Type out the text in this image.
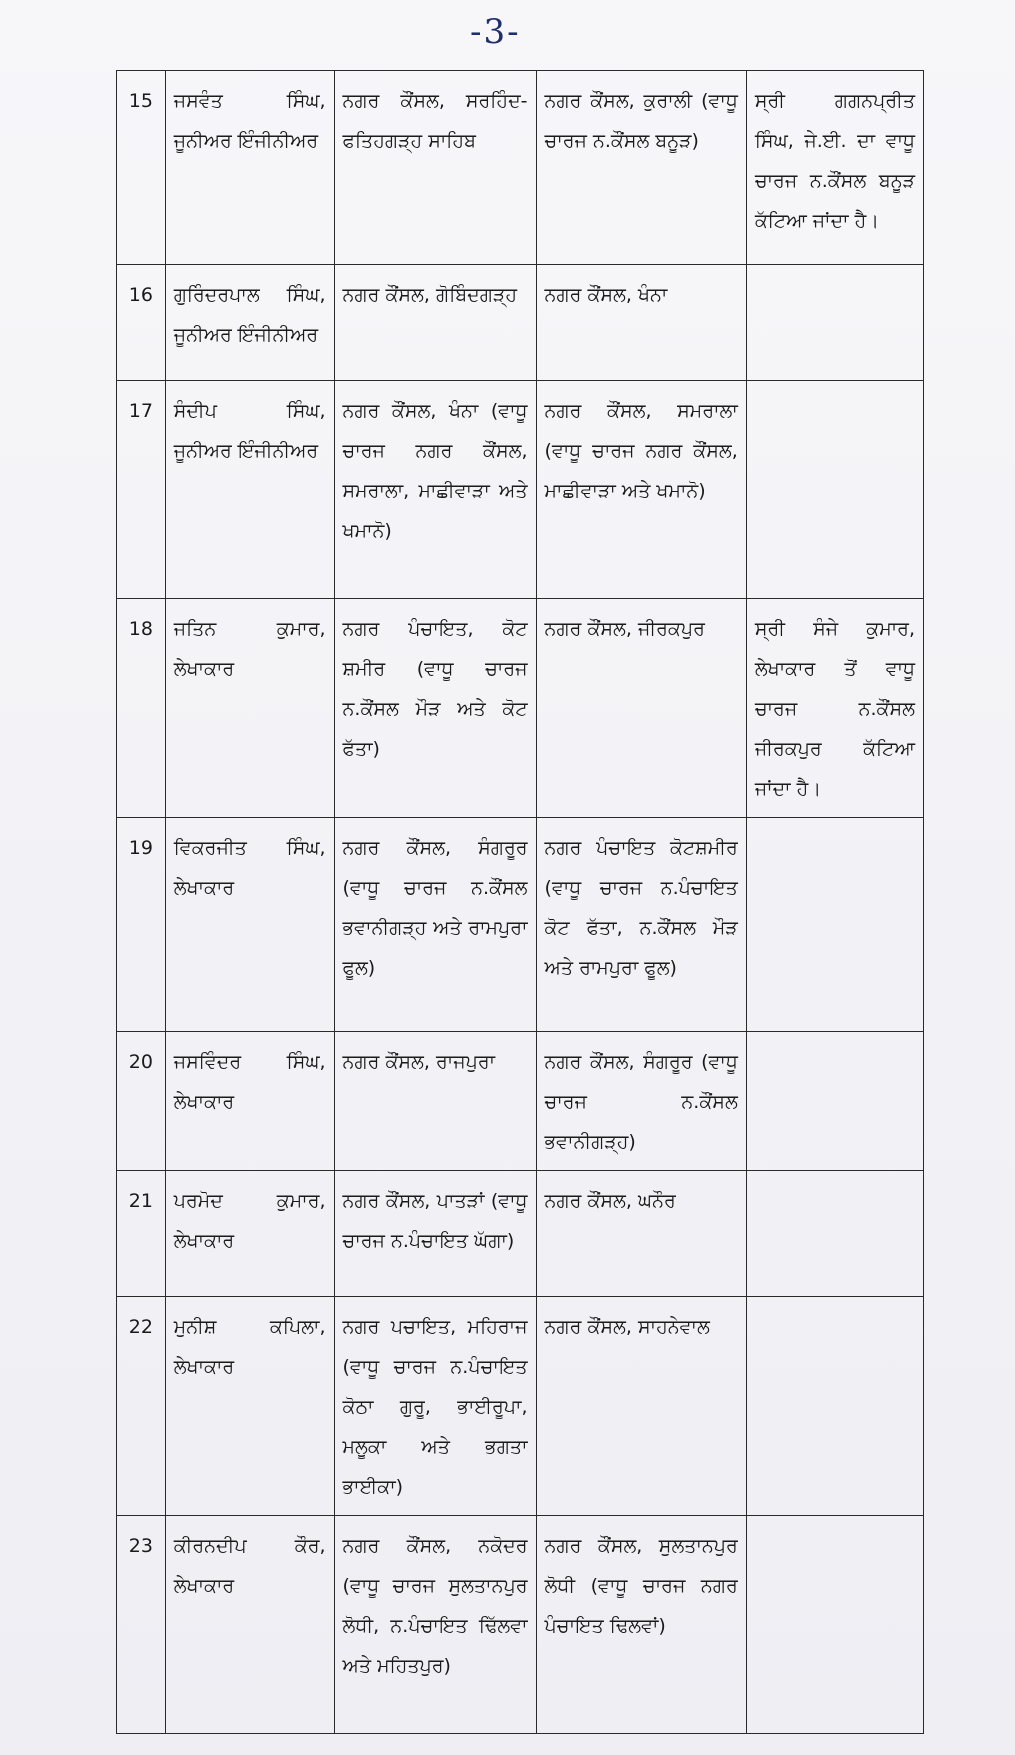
-3-
15	ਜਸਵੰਤ ਸਿੰਘ, ਜੂਨੀਅਰ ਇੰਜੀਨੀਅਰ	ਨਗਰ ਕੌਂਸਲ, ਸਰਹਿੰਦ-ਫਤਿਹਗੜ੍ਹ ਸਾਹਿਬ	ਨਗਰ ਕੌਂਸਲ, ਕੁਰਾਲੀ (ਵਾਧੂ ਚਾਰਜ ਨ.ਕੌਂਸਲ ਬਨੂੜ)	ਸ੍ਰੀ ਗਗਨਪ੍ਰੀਤ ਸਿੰਘ, ਜੇ.ਈ. ਦਾ ਵਾਧੂ ਚਾਰਜ ਨ.ਕੌਂਸਲ ਬਨੂੜ ਕੱਟਿਆ ਜਾਂਦਾ ਹੈ।
16	ਗੁਰਿੰਦਰਪਾਲ ਸਿੰਘ, ਜੂਨੀਅਰ ਇੰਜੀਨੀਅਰ	ਨਗਰ ਕੌਂਸਲ, ਗੋਬਿੰਦਗੜ੍ਹ	ਨਗਰ ਕੌਂਸਲ, ਖੰਨਾ	
17	ਸੰਦੀਪ ਸਿੰਘ, ਜੂਨੀਅਰ ਇੰਜੀਨੀਅਰ	ਨਗਰ ਕੌਂਸਲ, ਖੰਨਾ (ਵਾਧੂ ਚਾਰਜ ਨਗਰ ਕੌਂਸਲ, ਸਮਰਾਲਾ, ਮਾਛੀਵਾੜਾ ਅਤੇ ਖਮਾਨੋ)	ਨਗਰ ਕੌਂਸਲ, ਸਮਰਾਲਾ (ਵਾਧੂ ਚਾਰਜ ਨਗਰ ਕੌਂਸਲ, ਮਾਛੀਵਾੜਾ ਅਤੇ ਖਮਾਨੋ)	
18	ਜਤਿਨ ਕੁਮਾਰ, ਲੇਖਾਕਾਰ	ਨਗਰ ਪੰਚਾਇਤ, ਕੋਟ ਸ਼ਮੀਰ (ਵਾਧੂ ਚਾਰਜ ਨ.ਕੌਂਸਲ ਮੌੜ ਅਤੇ ਕੋਟ ਫੱਤਾ)	ਨਗਰ ਕੌਂਸਲ, ਜੀਰਕਪੁਰ	ਸ੍ਰੀ ਸੰਜੇ ਕੁਮਾਰ, ਲੇਖਾਕਾਰ ਤੋਂ ਵਾਧੂ ਚਾਰਜ ਨ.ਕੌਂਸਲ ਜੀਰਕਪੁਰ ਕੱਟਿਆ ਜਾਂਦਾ ਹੈ।
19	ਵਿਕਰਜੀਤ ਸਿੰਘ, ਲੇਖਾਕਾਰ	ਨਗਰ ਕੌਂਸਲ, ਸੰਗਰੂਰ (ਵਾਧੂ ਚਾਰਜ ਨ.ਕੌਂਸਲ ਭਵਾਨੀਗੜ੍ਹ ਅਤੇ ਰਾਮਪੁਰਾ ਫੂਲ)	ਨਗਰ ਪੰਚਾਇਤ ਕੋਟਸ਼ਮੀਰ (ਵਾਧੂ ਚਾਰਜ ਨ.ਪੰਚਾਇਤ ਕੋਟ ਫੱਤਾ, ਨ.ਕੌਂਸਲ ਮੌੜ ਅਤੇ ਰਾਮਪੁਰਾ ਫੂਲ)	
20	ਜਸਵਿੰਦਰ ਸਿੰਘ, ਲੇਖਾਕਾਰ	ਨਗਰ ਕੌਂਸਲ, ਰਾਜਪੁਰਾ	ਨਗਰ ਕੌਂਸਲ, ਸੰਗਰੂਰ (ਵਾਧੂ ਚਾਰਜ ਨ.ਕੌਂਸਲ ਭਵਾਨੀਗੜ੍ਹ)	
21	ਪਰਮੋਦ ਕੁਮਾਰ, ਲੇਖਾਕਾਰ	ਨਗਰ ਕੌਂਸਲ, ਪਾਤੜਾਂ (ਵਾਧੂ ਚਾਰਜ ਨ.ਪੰਚਾਇਤ ਘੱਗਾ)	ਨਗਰ ਕੌਂਸਲ, ਘਨੌਰ	
22	ਮੁਨੀਸ਼ ਕਪਿਲਾ, ਲੇਖਾਕਾਰ	ਨਗਰ ਪਚਾਇਤ, ਮਹਿਰਾਜ (ਵਾਧੂ ਚਾਰਜ ਨ.ਪੰਚਾਇਤ ਕੋਠਾ ਗੁਰੂ, ਭਾਈਰੂਪਾ, ਮਲੂਕਾ ਅਤੇ ਭਗਤਾ ਭਾਈਕਾ)	ਨਗਰ ਕੌਂਸਲ, ਸਾਹਨੇਵਾਲ	
23	ਕੀਰਨਦੀਪ ਕੌਰ, ਲੇਖਾਕਾਰ	ਨਗਰ ਕੌਂਸਲ, ਨਕੋਦਰ (ਵਾਧੂ ਚਾਰਜ ਸੁਲਤਾਨਪੁਰ ਲੋਧੀ, ਨ.ਪੰਚਾਇਤ ਢਿੱਲਵਾ ਅਤੇ ਮਹਿਤਪੁਰ)	ਨਗਰ ਕੌਂਸਲ, ਸੁਲਤਾਨਪੁਰ ਲੋਧੀ (ਵਾਧੂ ਚਾਰਜ ਨਗਰ ਪੰਚਾਇਤ ਢਿਲਵਾਂ)	
